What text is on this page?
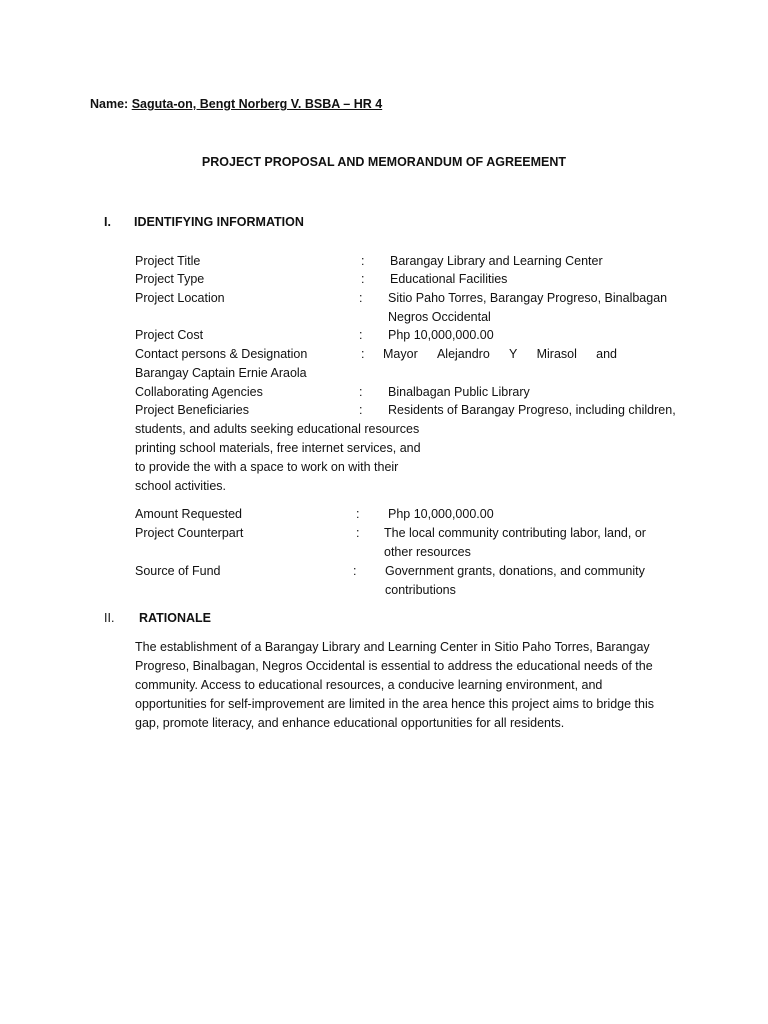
Name: Saguta-on, Bengt Norberg V. BSBA – HR 4
PROJECT PROPOSAL AND MEMORANDUM OF AGREEMENT
I. IDENTIFYING INFORMATION
Project Title	: Barangay Library and Learning Center
Project Type	: Educational Facilities
Project Location	: Sitio Paho Torres, Barangay Progreso, Binalbagan
Negros Occidental
Project Cost	: Php 10,000,000.00
Contact persons & Designation	: Mayor Alejandro Y Mirasol and
Barangay Captain Ernie Araola
Collaborating Agencies	: Binalbagan Public Library
Project Beneficiaries	: Residents of Barangay Progreso, including children,
students, and adults seeking educational resources
printing school materials, free internet services, and
to provide the with a space to work on with their
school activities.
Amount Requested	: Php 10,000,000.00
Project Counterpart	: The local community contributing labor, land, or
other resources
Source of Fund	: Government grants, donations, and community
contributions
II. RATIONALE
The establishment of a Barangay Library and Learning Center in Sitio Paho Torres, Barangay
Progreso, Binalbagan, Negros Occidental is essential to address the educational needs of the
community. Access to educational resources, a conducive learning environment, and
opportunities for self-improvement are limited in the area hence this project aims to bridge this
gap, promote literacy, and enhance educational opportunities for all residents.
